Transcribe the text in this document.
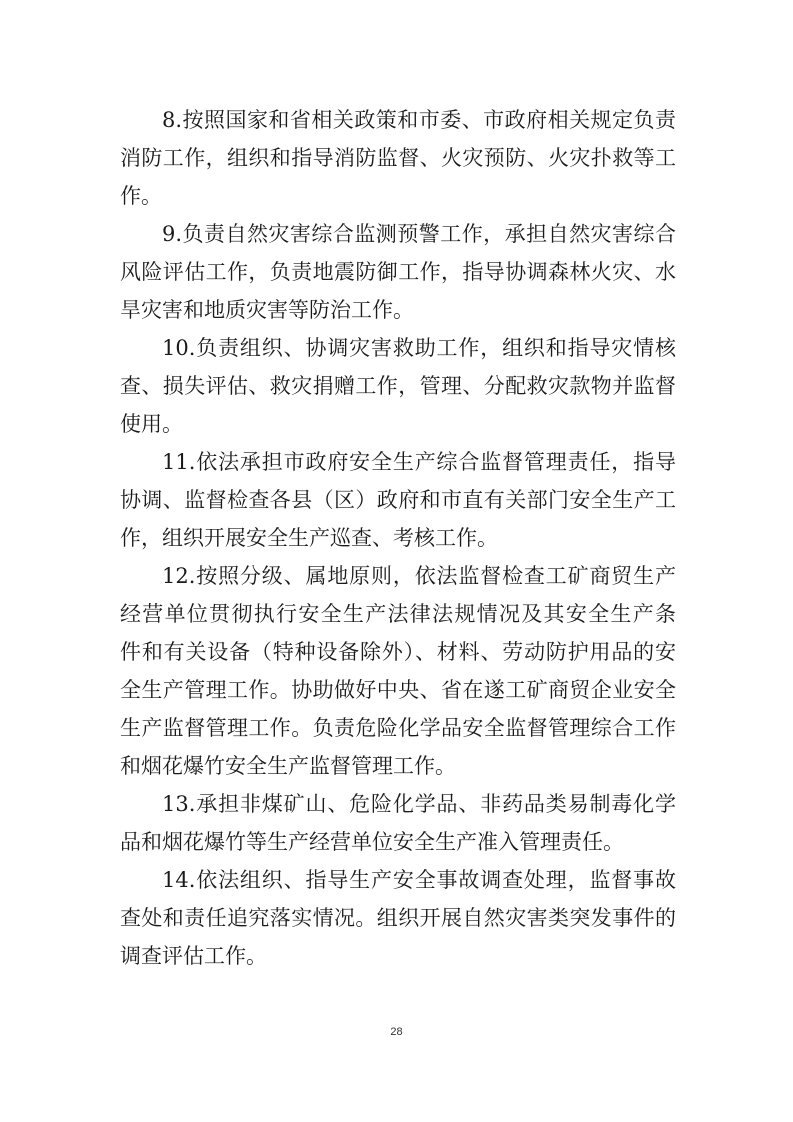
8.按照国家和省相关政策和市委、市政府相关规定负责
消防工作，组织和指导消防监督、火灾预防、火灾扑救等工
作。
9.负责自然灾害综合监测预警工作，承担自然灾害综合
风险评估工作，负责地震防御工作，指导协调森林火灾、水
旱灾害和地质灾害等防治工作。
10.负责组织、协调灾害救助工作，组织和指导灾情核
查、损失评估、救灾捐赠工作，管理、分配救灾款物并监督
使用。
11.依法承担市政府安全生产综合监督管理责任，指导
协调、监督检查各县（区）政府和市直有关部门安全生产工
作，组织开展安全生产巡查、考核工作。
12.按照分级、属地原则，依法监督检查工矿商贸生产
经营单位贯彻执行安全生产法律法规情况及其安全生产条
件和有关设备（特种设备除外）、材料、劳动防护用品的安
全生产管理工作。协助做好中央、省在遂工矿商贸企业安全
生产监督管理工作。负责危险化学品安全监督管理综合工作
和烟花爆竹安全生产监督管理工作。
13.承担非煤矿山、危险化学品、非药品类易制毒化学
品和烟花爆竹等生产经营单位安全生产准入管理责任。
14.依法组织、指导生产安全事故调查处理，监督事故
查处和责任追究落实情况。组织开展自然灾害类突发事件的
调查评估工作。
28
